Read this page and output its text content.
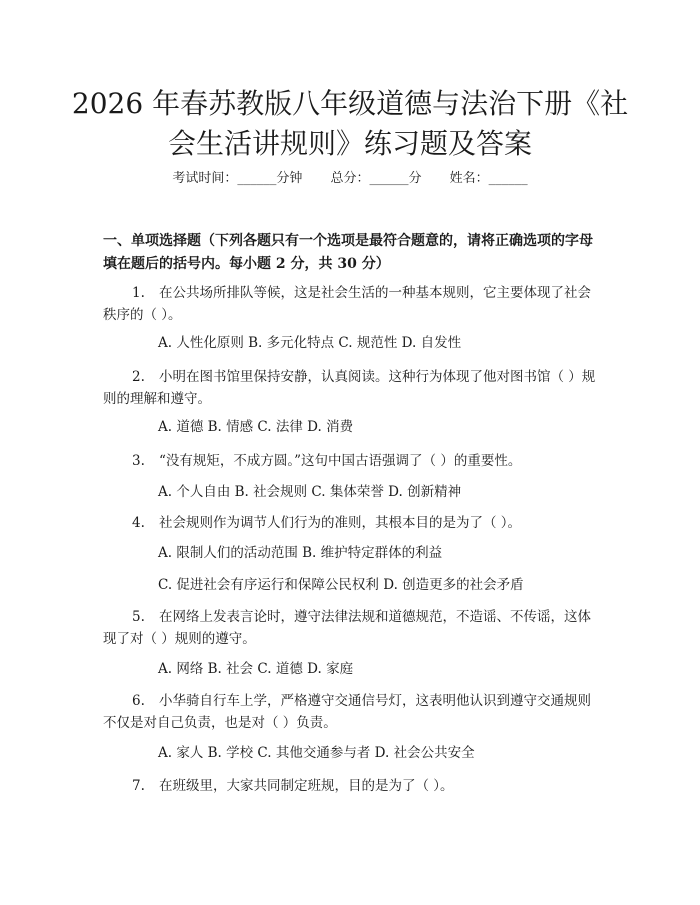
2026 年春苏教版八年级道德与法治下册《社会生活讲规则》练习题及答案
考试时间：______分钟 总分：______分 姓名：______

一、单项选择题（下列各题只有一个选项是最符合题意的，请将正确选项的字母填在题后的括号内。每小题 2 分，共 30 分）

1. 在公共场所排队等候，这是社会生活的一种基本规则，它主要体现了社会秩序的（ ）。

A. 人性化原则 B. 多元化特点 C. 规范性 D. 自发性

2. 小明在图书馆里保持安静，认真阅读。这种行为体现了他对图书馆（ ）规则的理解和遵守。

A. 道德 B. 情感 C. 法律 D. 消费

3. “没有规矩，不成方圆。”这句中国古语强调了（ ）的重要性。

A. 个人自由 B. 社会规则 C. 集体荣誉 D. 创新精神

4. 社会规则作为调节人们行为的准则，其根本目的是为了（ ）。

A. 限制人们的活动范围 B. 维护特定群体的利益
C. 促进社会有序运行和保障公民权利 D. 创造更多的社会矛盾

5. 在网络上发表言论时，遵守法律法规和道德规范，不造谣、不传谣，这体现了对（ ）规则的遵守。

A. 网络 B. 社会 C. 道德 D. 家庭

6. 小华骑自行车上学，严格遵守交通信号灯，这表明他认识到遵守交通规则不仅是对自己负责，也是对（ ）负责。

A. 家人 B. 学校 C. 其他交通参与者 D. 社会公共安全

7. 在班级里，大家共同制定班规，目的是为了（ ）。
